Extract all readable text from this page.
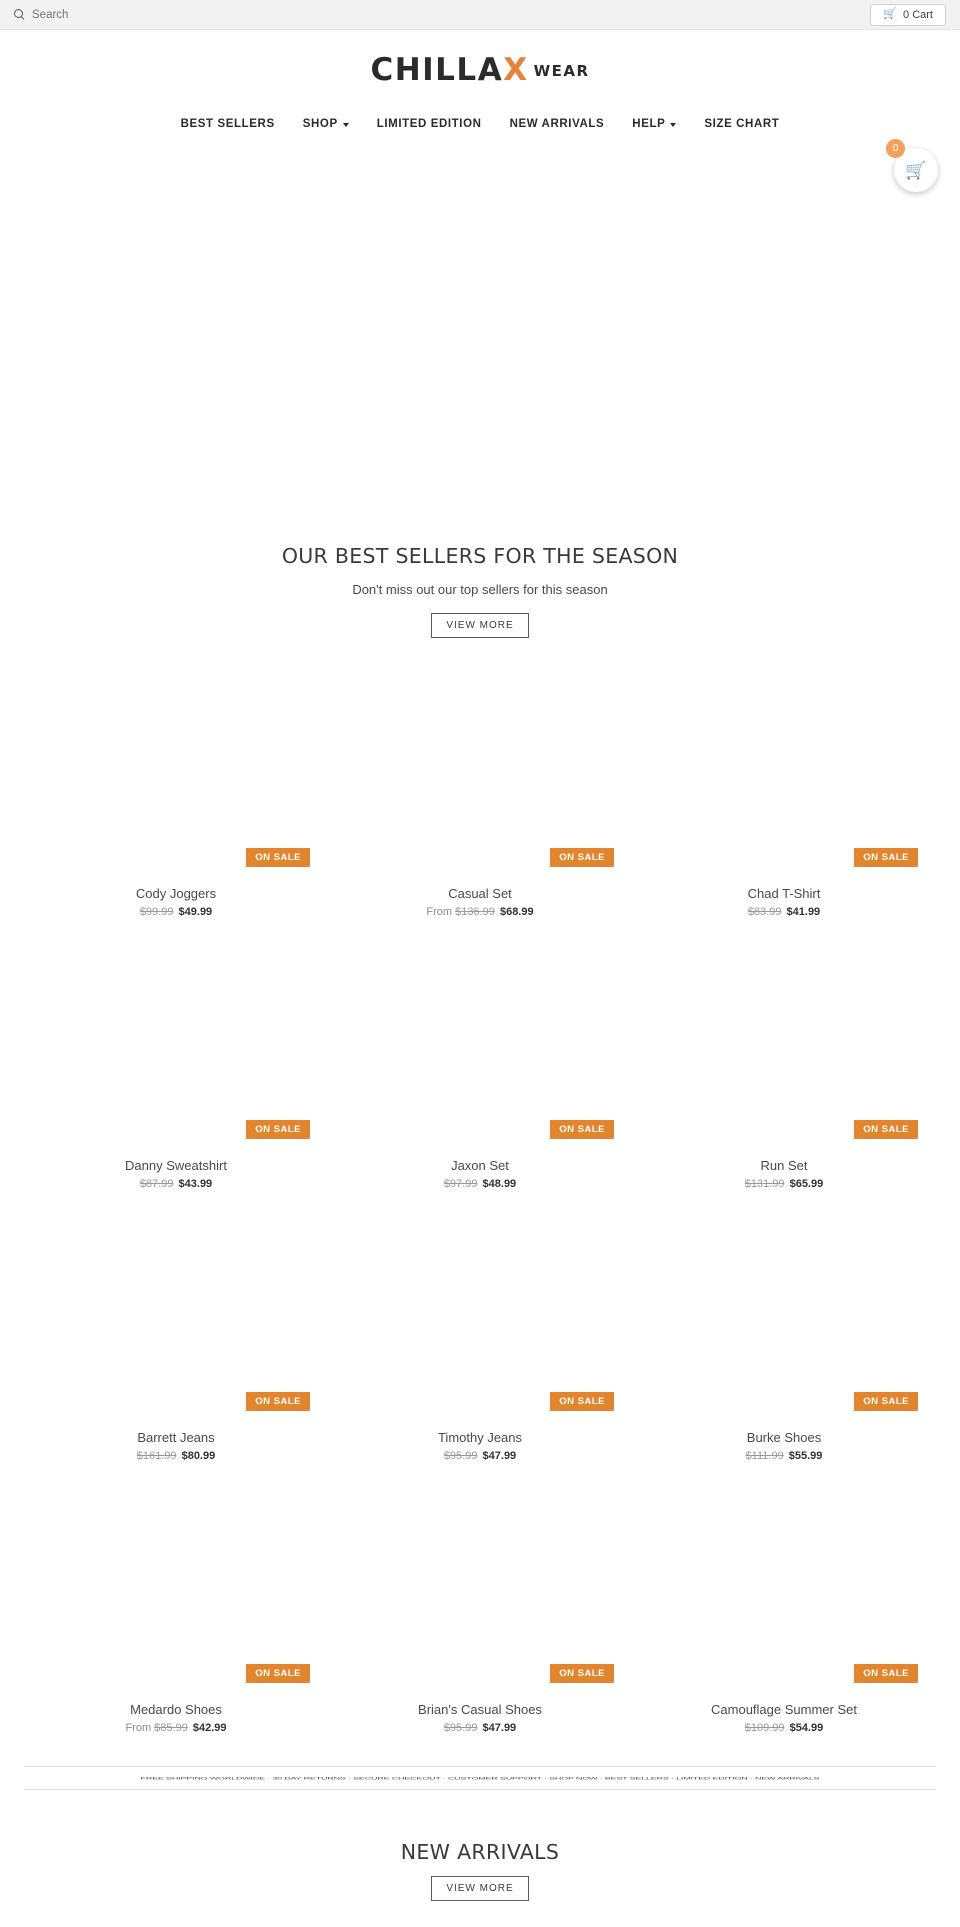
Search
🛒 0 Cart
CHILLAX WEAR
BEST SELLERS SHOP	LIMITED EDITION NEW ARRIVALS HELP	SIZE CHART
🛒
0
OUR BEST SELLERS FOR THE SEASON

Don't miss out our top sellers for this season

VIEW MORE
ON SALE
Cody Joggers
$99.99 $49.99
ON SALE
Casual Set
From $136.99 $68.99
ON SALE
Chad T-Shirt
$83.99 $41.99
ON SALE
Danny Sweatshirt
$87.99 $43.99
ON SALE
Jaxon Set
$97.99 $48.99
ON SALE
Run Set
$131.99 $65.99
ON SALE
Barrett Jeans
$161.99 $80.99
ON SALE
Timothy Jeans
$95.99 $47.99
ON SALE
Burke Shoes
$111.99 $55.99
ON SALE
Medardo Shoes
From $85.99 $42.99
ON SALE
Brian's Casual Shoes
$95.99 $47.99
ON SALE
Camouflage Summer Set
$109.99 $54.99
FREE SHIPPING WORLDWIDE · 30 DAY RETURNS · SECURE CHECKOUT · CUSTOMER SUPPORT · SHOP NOW · BEST SELLERS · LIMITED EDITION · NEW ARRIVALS
NEW ARRIVALS
VIEW MORE
